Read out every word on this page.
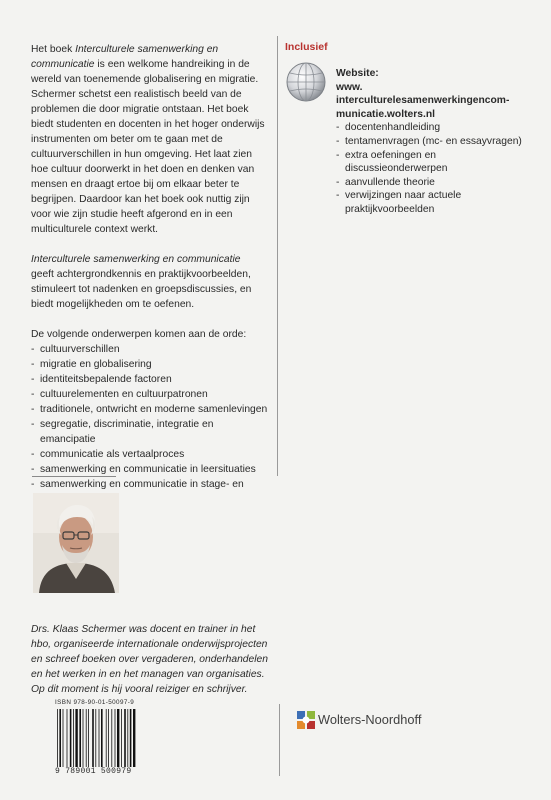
Het boek Interculturele samenwerking en communicatie is een welkome handreiking in de wereld van toenemende globalisering en migratie. Schermer schetst een realistisch beeld van de problemen die door migratie ontstaan. Het boek biedt studenten en docenten in het hoger onderwijs instrumenten om beter om te gaan met de cultuurverschillen in hun omgeving. Het laat zien hoe cultuur doorwerkt in het doen en denken van mensen en draagt ertoe bij om elkaar beter te begrijpen. Daardoor kan het boek ook nuttig zijn voor wie zijn studie heeft afgerond en in een multiculturele context werkt.

Interculturele samenwerking en communicatie
geeft achtergrondkennis en praktijkvoorbeelden, stimuleert tot nadenken en groepsdiscussies, en biedt mogelijkheden om te oefenen.

De volgende onderwerpen komen aan de orde:

- cultuurverschillen
- migratie en globalisering
- identiteitsbepalende factoren
- cultuurelementen en cultuurpatronen
- traditionele, ontwricht en moderne samenlevingen
- segregatie, discriminatie, integratie en emancipatie
- communicatie als vertaalproces
- samenwerking en communicatie in leersituaties
- samenwerking en communicatie in stage- en

Drs. Klaas Schermer was docent en trainer in het hbo, organiseerde internationale onderwijsprojecten en schreef boeken over vergaderen, onderhandelen en het werken in en het managen van organisaties. Op dit moment is hij vooral reiziger en schrijver.

Inclusief
Website:
www.
interculturelesamenwerkingencom-
municatie.wolters.nl
- docentenhandleiding
- tentamenvragen (mc- en essayvragen)
- extra oefeningen en discussieonderwerpen
- aanvullende theorie
- verwijzingen naar actuele praktijkvoorbeelden
ISBN 978-90-01-50097-9
9 789001 500979
Wolters-Noordhoff
